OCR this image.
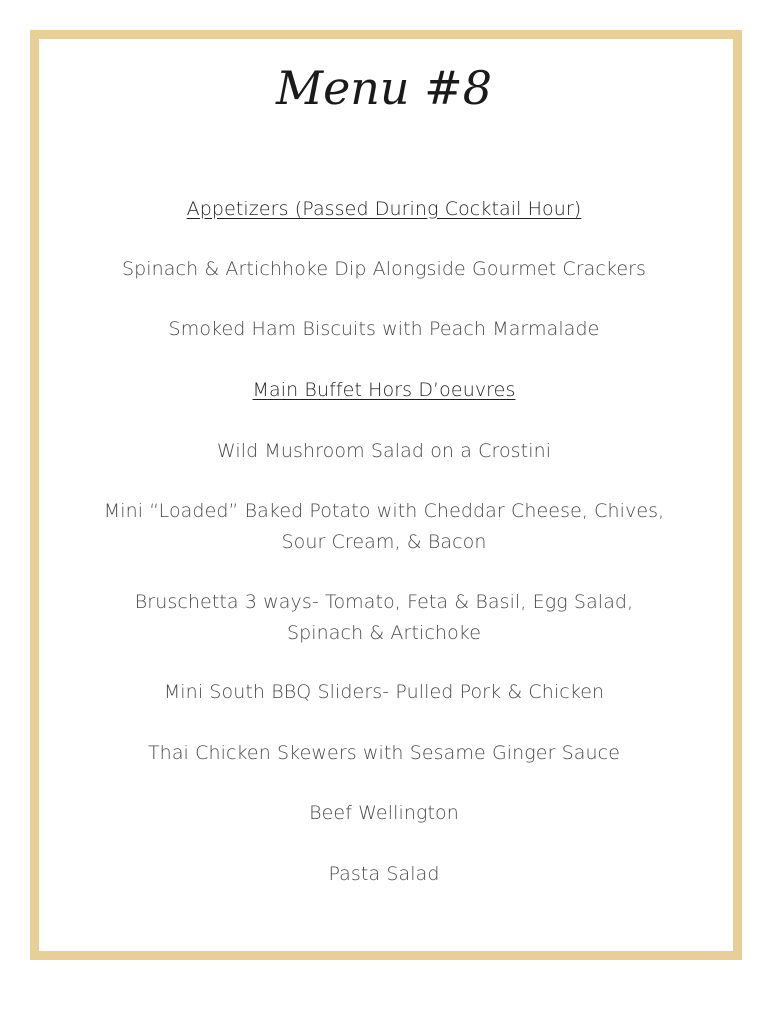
Menu #8
Appetizers (Passed During Cocktail Hour)
Spinach & Artichhoke Dip Alongside Gourmet Crackers
Smoked Ham Biscuits with Peach Marmalade
Main Buffet Hors D’oeuvres
Wild Mushroom Salad on a Crostini
Mini “Loaded” Baked Potato with Cheddar Cheese, Chives, Sour Cream, & Bacon
Bruschetta 3 ways- Tomato, Feta & Basil, Egg Salad, Spinach & Artichoke
Mini South BBQ Sliders- Pulled Pork & Chicken
Thai Chicken Skewers with Sesame Ginger Sauce
Beef Wellington
Pasta Salad
